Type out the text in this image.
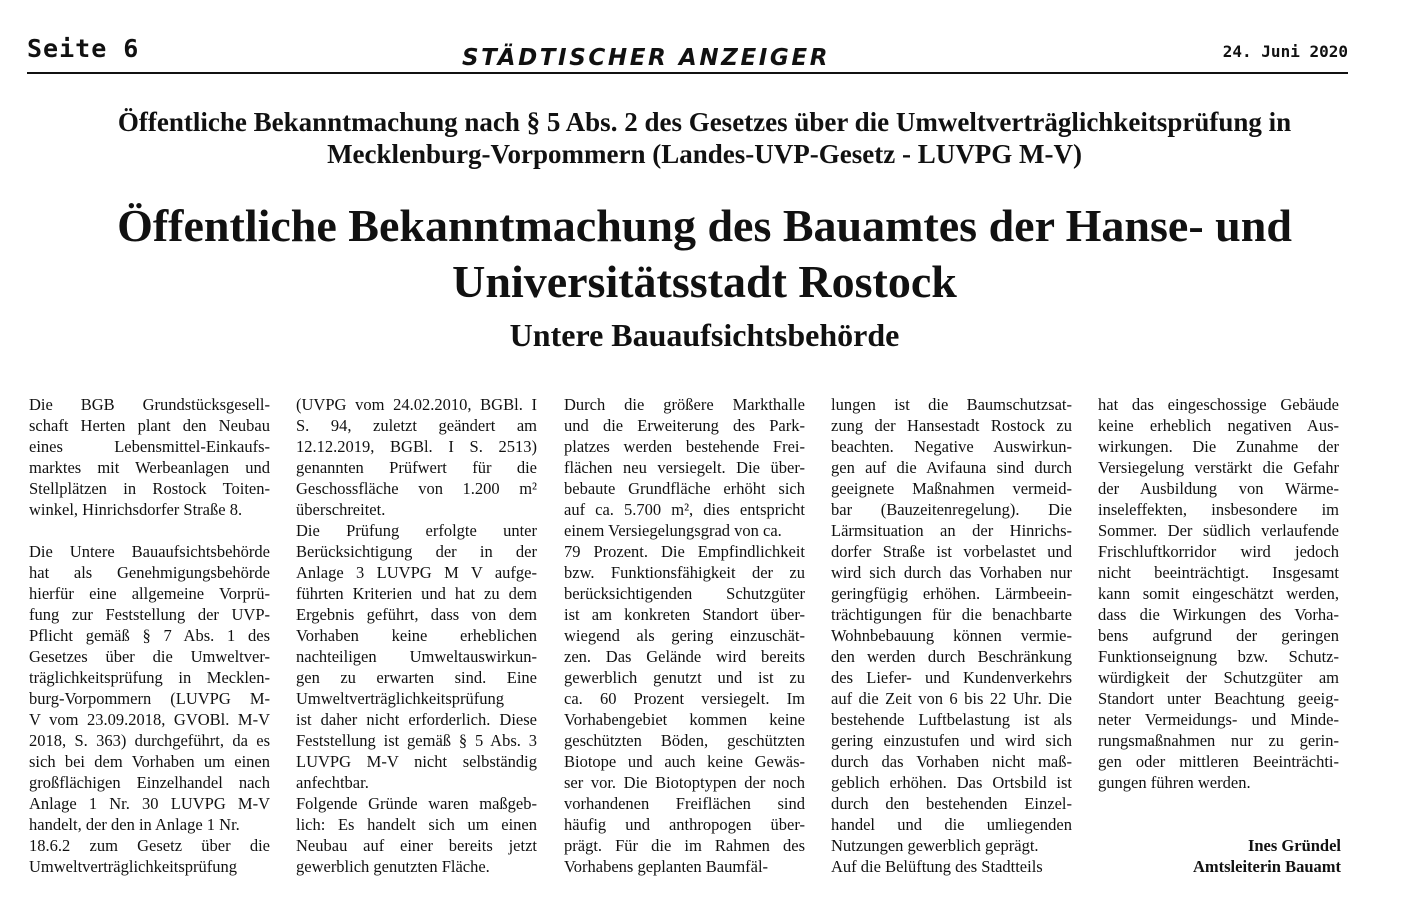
Seite 6	STÄDTISCHER ANZEIGER	24. Juni 2020
Öffentliche Bekanntmachung nach § 5 Abs. 2 des Gesetzes über die Umweltverträglichkeitsprüfung in
Mecklenburg-Vorpommern (Landes-UVP-Gesetz - LUVPG M-V)
Öffentliche Bekanntmachung des Bauamtes der Hanse- und
Universitätsstadt Rostock
Untere Bauaufsichtsbehörde

Die BGB Grundstücksgesell-

schaft Herten plant den Neubau

eines Lebensmittel-Einkaufs-

marktes mit Werbeanlagen und

Stellplätzen in Rostock Toiten-

winkel, Hinrichsdorfer Straße 8.

Die Untere Bauaufsichtsbehörde

hat als Genehmigungsbehörde

hierfür eine allgemeine Vorprü-

fung zur Feststellung der UVP-

Pflicht gemäß § 7 Abs. 1 des

Gesetzes über die Umweltver-

träglichkeitsprüfung in Mecklen-

burg-Vorpommern (LUVPG M-

V vom 23.09.2018, GVOBl. M-V

2018, S. 363) durchgeführt, da es

sich bei dem Vorhaben um einen

großflächigen Einzelhandel nach

Anlage 1 Nr. 30 LUVPG M-V

handelt, der den in Anlage 1 Nr.

18.6.2 zum Gesetz über die

Umweltverträglichkeitsprüfung

(UVPG vom 24.02.2010, BGBl. I

S. 94, zuletzt geändert am

12.12.2019, BGBl. I S. 2513)

genannten Prüfwert für die

Geschossfläche von 1.200 m²

überschreitet.

Die Prüfung erfolgte unter

Berücksichtigung der in der

Anlage 3 LUVPG M V aufge-

führten Kriterien und hat zu dem

Ergebnis geführt, dass von dem

Vorhaben keine erheblichen

nachteiligen Umweltauswirkun-

gen zu erwarten sind. Eine

Umweltverträglichkeitsprüfung

ist daher nicht erforderlich. Diese

Feststellung ist gemäß § 5 Abs. 3

LUVPG M-V nicht selbständig

anfechtbar.

Folgende Gründe waren maßgeb-

lich: Es handelt sich um einen

Neubau auf einer bereits jetzt

gewerblich genutzten Fläche.

Durch die größere Markthalle

und die Erweiterung des Park-

platzes werden bestehende Frei-

flächen neu versiegelt. Die über-

bebaute Grundfläche erhöht sich

auf ca. 5.700 m², dies entspricht

einem Versiegelungsgrad von ca.

79 Prozent. Die Empfindlichkeit

bzw. Funktionsfähigkeit der zu

berücksichtigenden Schutzgüter

ist am konkreten Standort über-

wiegend als gering einzuschät-

zen. Das Gelände wird bereits

gewerblich genutzt und ist zu

ca. 60 Prozent versiegelt. Im

Vorhabengebiet kommen keine

geschützten Böden, geschützten

Biotope und auch keine Gewäs-

ser vor. Die Biotoptypen der noch

vorhandenen Freiflächen sind

häufig und anthropogen über-

prägt. Für die im Rahmen des

Vorhabens geplanten Baumfäl-

lungen ist die Baumschutzsat-

zung der Hansestadt Rostock zu

beachten. Negative Auswirkun-

gen auf die Avifauna sind durch

geeignete Maßnahmen vermeid-

bar (Bauzeitenregelung). Die

Lärmsituation an der Hinrichs-

dorfer Straße ist vorbelastet und

wird sich durch das Vorhaben nur

geringfügig erhöhen. Lärmbeein-

trächtigungen für die benachbarte

Wohnbebauung können vermie-

den werden durch Beschränkung

des Liefer- und Kundenverkehrs

auf die Zeit von 6 bis 22 Uhr. Die

bestehende Luftbelastung ist als

gering einzustufen und wird sich

durch das Vorhaben nicht maß-

geblich erhöhen. Das Ortsbild ist

durch den bestehenden Einzel-

handel und die umliegenden

Nutzungen gewerblich geprägt.

Auf die Belüftung des Stadtteils

hat das eingeschossige Gebäude

keine erheblich negativen Aus-

wirkungen. Die Zunahme der

Versiegelung verstärkt die Gefahr

der Ausbildung von Wärme-

inseleffekten, insbesondere im

Sommer. Der südlich verlaufende

Frischluftkorridor wird jedoch

nicht beeinträchtigt. Insgesamt

kann somit eingeschätzt werden,

dass die Wirkungen des Vorha-

bens aufgrund der geringen

Funktionseignung bzw. Schutz-

würdigkeit der Schutzgüter am

Standort unter Beachtung geeig-

neter Vermeidungs- und Minde-

rungsmaßnahmen nur zu gerin-

gen oder mittleren Beeinträchti-

gungen führen werden.

Ines Gründel
Amtsleiterin Bauamt
